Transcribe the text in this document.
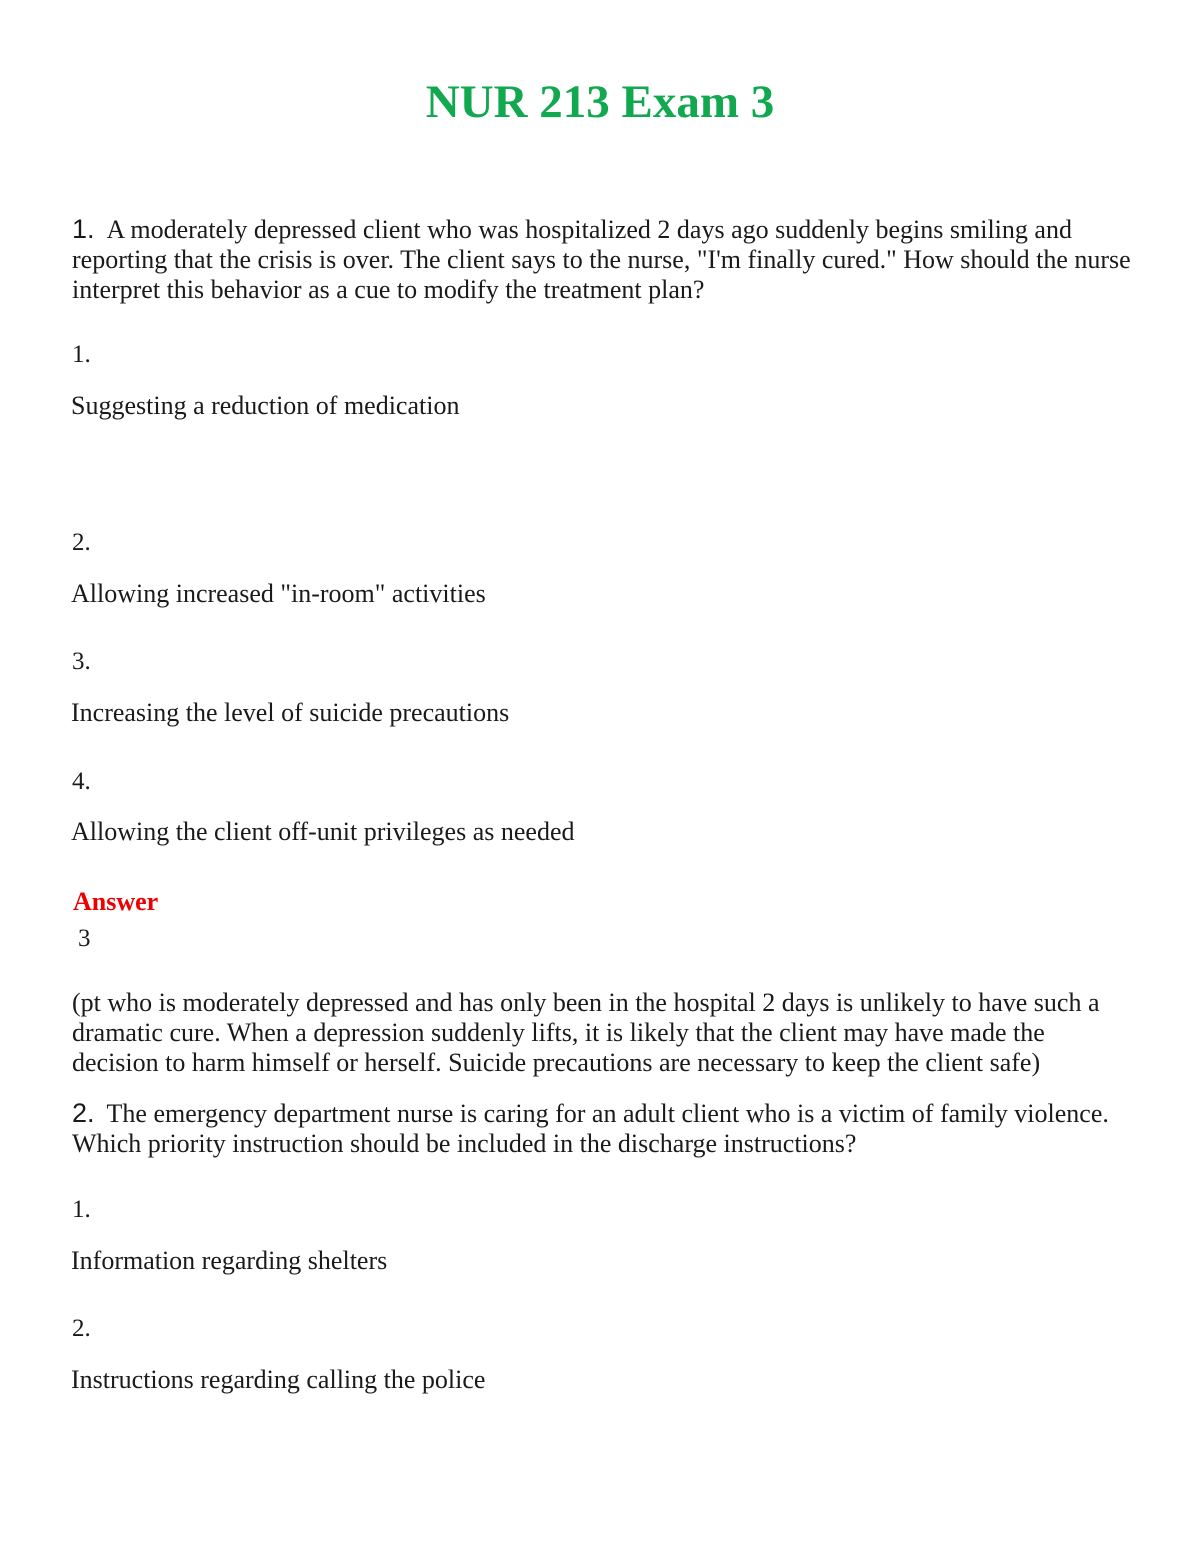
NUR 213 Exam 3

1. A moderately depressed client who was hospitalized 2 days ago suddenly begins smiling and reporting that the crisis is over. The client says to the nurse, "I'm finally cured." How should the nurse interpret this behavior as a cue to modify the treatment plan?

1.
Suggesting a reduction of medication
2.
Allowing increased "in-room" activities
3.
Increasing the level of suicide precautions
4.
Allowing the client off-unit privileges as needed
Answer
3

(pt who is moderately depressed and has only been in the hospital 2 days is unlikely to have such a dramatic cure. When a depression suddenly lifts, it is likely that the client may have made the decision to harm himself or herself. Suicide precautions are necessary to keep the client safe)

2. The emergency department nurse is caring for an adult client who is a victim of family violence. Which priority instruction should be included in the discharge instructions?

1.
Information regarding shelters
2.
Instructions regarding calling the police
